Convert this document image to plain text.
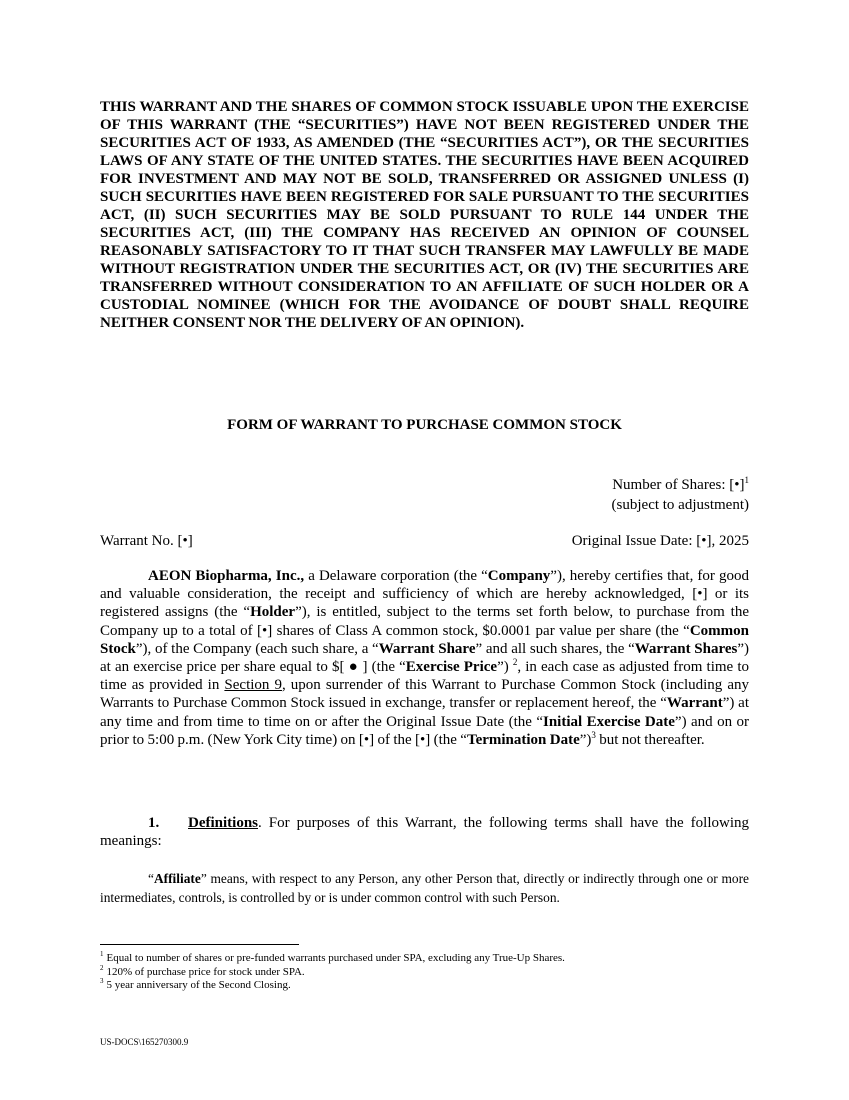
THIS WARRANT AND THE SHARES OF COMMON STOCK ISSUABLE UPON THE EXERCISE OF THIS WARRANT (THE “SECURITIES”) HAVE NOT BEEN REGISTERED UNDER THE SECURITIES ACT OF 1933, AS AMENDED (THE “SECURITIES ACT”), OR THE SECURITIES LAWS OF ANY STATE OF THE UNITED STATES. THE SECURITIES HAVE BEEN ACQUIRED FOR INVESTMENT AND MAY NOT BE SOLD, TRANSFERRED OR ASSIGNED UNLESS (I) SUCH SECURITIES HAVE BEEN REGISTERED FOR SALE PURSUANT TO THE SECURITIES ACT, (II) SUCH SECURITIES MAY BE SOLD PURSUANT TO RULE 144 UNDER THE SECURITIES ACT, (III) THE COMPANY HAS RECEIVED AN OPINION OF COUNSEL REASONABLY SATISFACTORY TO IT THAT SUCH TRANSFER MAY LAWFULLY BE MADE WITHOUT REGISTRATION UNDER THE SECURITIES ACT, OR (IV) THE SECURITIES ARE TRANSFERRED WITHOUT CONSIDERATION TO AN AFFILIATE OF SUCH HOLDER OR A CUSTODIAL NOMINEE (WHICH FOR THE AVOIDANCE OF DOUBT SHALL REQUIRE NEITHER CONSENT NOR THE DELIVERY OF AN OPINION).
FORM OF WARRANT TO PURCHASE COMMON STOCK
Number of Shares: [•]$^1$
(subject to adjustment)
Warrant No. [•]	Original Issue Date: [•], 2025
AEON Biopharma, Inc., a Delaware corporation (the “Company”), hereby certifies that, for good and valuable consideration, the receipt and sufficiency of which are hereby acknowledged, [•] or its registered assigns (the “Holder”), is entitled, subject to the terms set forth below, to purchase from the Company up to a total of [•] shares of Class A common stock, $0.0001 par value per share (the “Common Stock”), of the Company (each such share, a “Warrant Share” and all such shares, the “Warrant Shares”) at an exercise price per share equal to $[ ● ] (the “Exercise Price”) $^2$, in each case as adjusted from time to time as provided in Section 9, upon surrender of this Warrant to Purchase Common Stock (including any Warrants to Purchase Common Stock issued in exchange, transfer or replacement hereof, the “Warrant”) at any time and from time to time on or after the Original Issue Date (the “Initial Exercise Date”) and on or prior to 5:00 p.m. (New York City time) on [•] of the [•] (the “Termination Date”)$^3$ but not thereafter.
1. Definitions. For purposes of this Warrant, the following terms shall have the following meanings:
“Affiliate” means, with respect to any Person, any other Person that, directly or indirectly through one or more intermediates, controls, is controlled by or is under common control with such Person.
$^1$ Equal to number of shares or pre-funded warrants purchased under SPA, excluding any True-Up Shares.
$^2$ 120% of purchase price for stock under SPA.
$^3$ 5 year anniversary of the Second Closing.
US-DOCS\165270300.9
